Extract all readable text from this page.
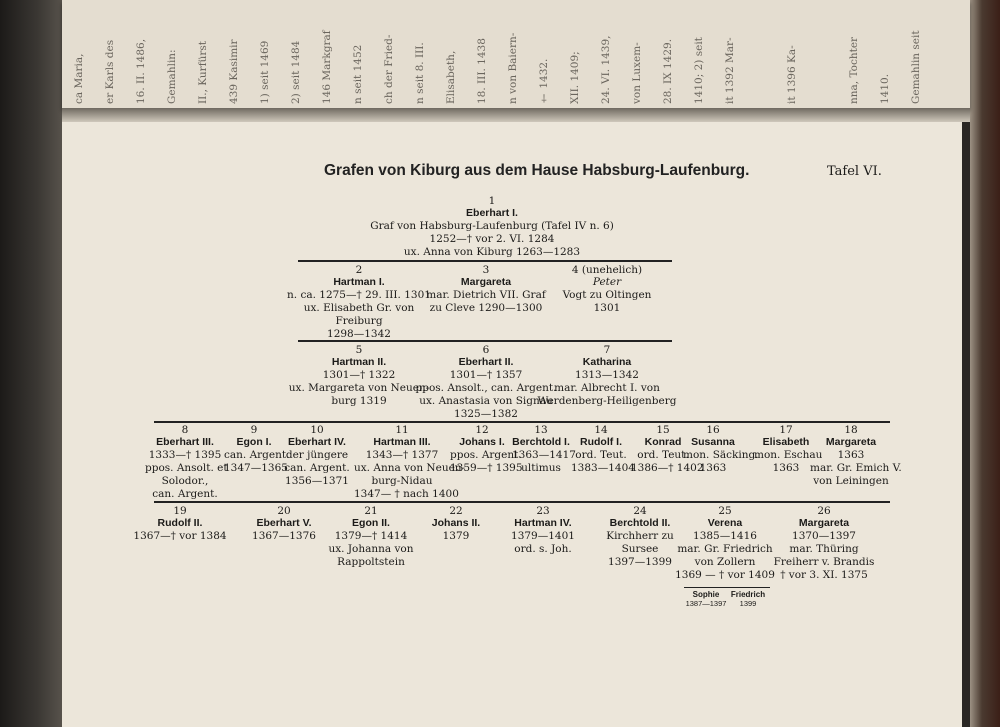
Gemahlin seit
1410.
nna, Tochter
it 1396 Ka-
it 1392 Mar-
1410; 2) seit
28. IX 1429.
von Luxem-
24. VI. 1439,
XII. 1409;
† 1432.
n von Baiern-
18. III. 1438
Elisabeth,
n seit 8. III.
ch der Fried-
n seit 1452
146 Markgraf
2) seit 1484
1) seit 1469
439 Kasimir
II., Kurfürst
Gemahlin:
16. II. 1486,
er Karls des
ca Maria,
Grafen von Kiburg aus dem Hause Habsburg-Laufenburg.	Tafel VI.
1
Eberhart I.
Graf von Habsburg-Laufenburg (Tafel IV n. 6)
1252—† vor 2. VI. 1284
ux. Anna von Kiburg 1263—1283
2
Hartman I.
n. ca. 1275—† 29. III. 1301
ux. Elisabeth Gr. von
Freiburg
1298—1342
3
Margareta
mar. Dietrich VII. Graf
zu Cleve 1290—1300
4 (unehelich)
Peter
Vogt zu Oltingen
1301
5
Hartman II.
1301—† 1322
ux. Margareta von Neuen-
burg 1319
6
Eberhart II.
1301—† 1357
ppos. Ansolt., can. Argent.
ux. Anastasia von Signau
1325—1382
7
Katharina
1313—1342
mar. Albrecht I. von
Werdenberg-Heiligenberg
8
Eberhart III.
1333—† 1395
ppos. Ansolt. et
Solodor.,
can. Argent.
9
Egon I.
can. Argent.
1347—1365
10
Eberhart IV.
der jüngere
can. Argent.
1356—1371
11
Hartman III.
1343—† 1377
ux. Anna von Neuen-
burg-Nidau
1347— † nach 1400
12
Johans I.
ppos. Argent.
1359—† 1395
13
Berchtold I.
1363—1417
ultimus
14
Rudolf I.
ord. Teut.
1383—1404
15
Konrad
ord. Teut.
1386—† 1402
16
Susanna
mon. Säcking.
1363
17
Elisabeth
mon. Eschau
1363
18
Margareta
1363
mar. Gr. Emich V.
von Leiningen
19
Rudolf II.
1367—† vor 1384
20
Eberhart V.
1367—1376
21
Egon II.
1379—† 1414
ux. Johanna von
Rappoltstein
22
Johans II.
1379
23
Hartman IV.
1379—1401
ord. s. Joh.
24
Berchtold II.
Kirchherr zu
Sursee
1397—1399
25
Verena
1385—1416
mar. Gr. Friedrich
von Zollern
1369 — † vor 1409
26
Margareta
1370—1397
mar. Thüring
Freiherr v. Brandis
† vor 3. XI. 1375
Sophie
1387—1397
Friedrich
1399
